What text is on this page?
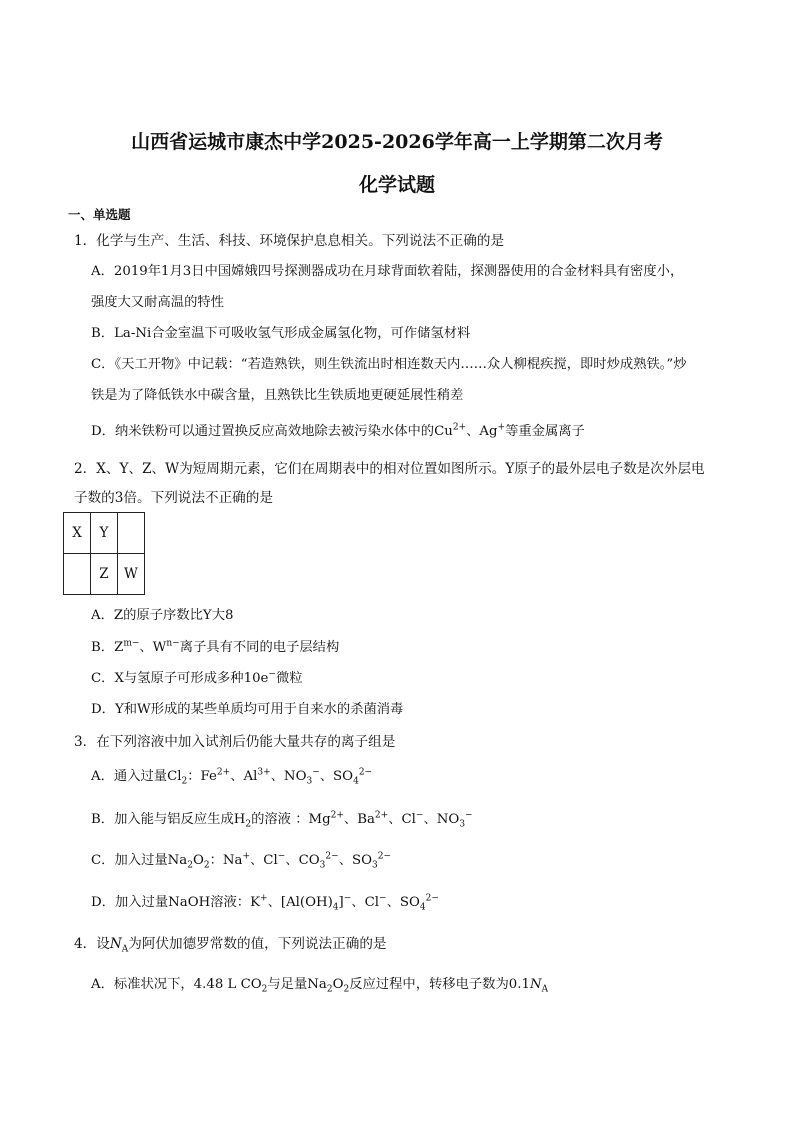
山西省运城市康杰中学2025-2026学年高一上学期第二次月考
化学试题
一、单选题
1．化学与生产、生活、科技、环境保护息息相关。下列说法不正确的是
A．2019年1月3日中国嫦娥四号探测器成功在月球背面软着陆，探测器使用的合金材料具有密度小，
强度大又耐高温的特性
B．La-Ni合金室温下可吸收氢气形成金属氢化物，可作储氢材料
C．《天工开物》中记载：“若造熟铁，则生铁流出时相连数天内……众人柳棍疾搅，即时炒成熟铁。”炒
铁是为了降低铁水中碳含量，且熟铁比生铁质地更硬延展性稍差
D．纳米铁粉可以通过置换反应高效地除去被污染水体中的$Cu^{2+}$、Ag+等重金属离子
2．X、Y、Z、W为短周期元素，它们在周期表中的相对位置如图所示。Y原子的最外层电子数是次外层电
子数的3倍。下列说法不正确的是
X	Y	
	Z	W
A．Z的原子序数比Y大8
B．$Z^{m-}$、$W^{n-}$离子具有不同的电子层结构
C．X与氢原子可形成多种10e−微粒
D．Y和W形成的某些单质均可用于自来水的杀菌消毒
3．在下列溶液中加入试剂后仍能大量共存的离子组是
A．通入过量$Cl_2$：$Fe^{2+}$、$Al^{3+}$、$NO_3^-$、$SO_4^{2-}$
B．加入能与铝反应生成$H_2$的溶液 ：$Mg^{2+}$、$Ba^{2+}$、Cl−、$NO_3^-$
C．加入过量$Na_2O_2$：Na+、Cl−、$CO_3^{2-}$、$SO_3^{2-}$
D．加入过量NaOH溶液：K+、$[Al(OH)_4]^-$、Cl−、$SO_4^{2-}$
4．设$N_A$为阿伏加德罗常数的值，下列说法正确的是
A．标准状况下，4.48 L $CO_2$与足量$Na_2O_2$反应过程中，转移电子数为$0.1N_A$
